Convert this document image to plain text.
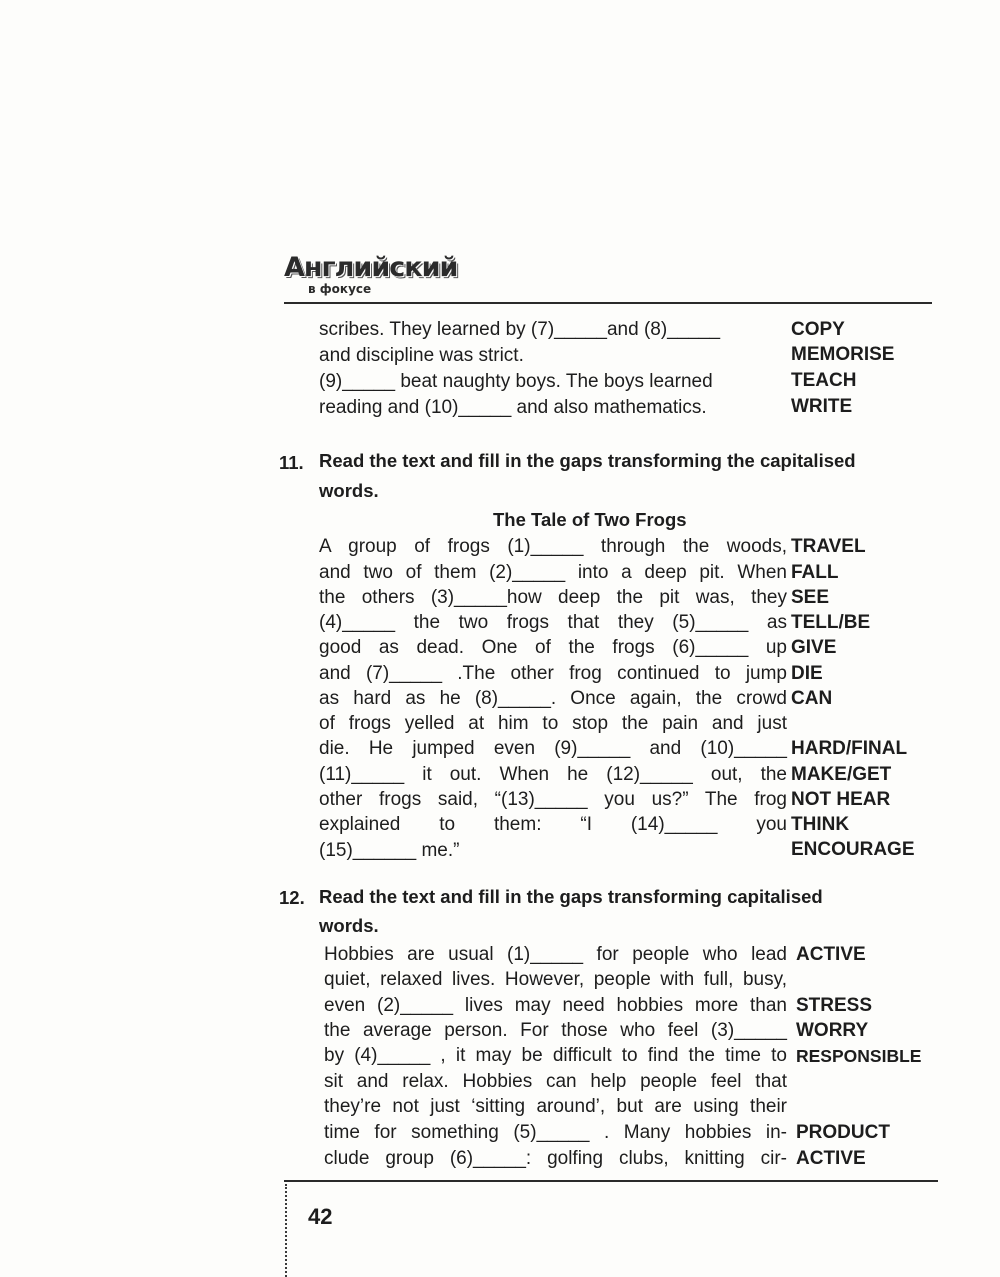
Английский
в фокусе
scribes. They learned by (7)_____and (8)_____
and discipline was strict.
(9)_____ beat naughty boys. The boys learned
reading and (10)_____ and also mathematics.
COPY
MEMORISE
TEACH
WRITE
11. Read the text and fill in the gaps transforming the capitalised
words.
The Tale of Two Frogs
A group of frogs (1)_____ through the woods,
and two of them (2)_____ into a deep pit. When
the others (3)_____how deep the pit was, they
(4)_____ the two frogs that they (5)_____ as
good as dead. One of the frogs (6)_____ up
and (7)_____ .The other frog continued to jump
as hard as he (8)_____. Once again, the crowd
of frogs yelled at him to stop the pain and just
die. He jumped even (9)_____ and (10)_____
(11)_____ it out. When he (12)_____ out, the
other frogs said, “(13)_____ you us?” The frog
explained to them: “I (14)_____ you
(15)______ me.”
TRAVEL
FALL
SEE
TELL/BE
GIVE
DIE
CAN
HARD/FINAL
MAKE/GET
NOT HEAR
THINK
ENCOURAGE
12. Read the text and fill in the gaps transforming capitalised
words.
Hobbies are usual (1)_____ for people who lead
quiet, relaxed lives. However, people with full, busy,
even (2)_____ lives may need hobbies more than
the average person. For those who feel (3)_____
by (4)_____ , it may be difficult to find the time to
sit and relax. Hobbies can help people feel that
they’re not just ‘sitting around’, but are using their
time for something (5)_____ . Many hobbies in-
clude group (6)_____: golfing clubs, knitting cir-
ACTIVE
STRESS
WORRY
RESPONSIBLE
PRODUCT
ACTIVE
42
